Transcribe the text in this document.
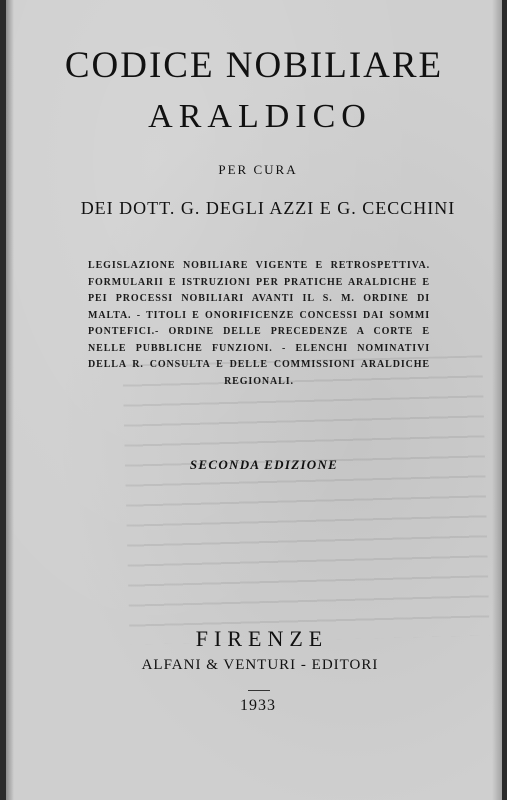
CODICE NOBILIARE
ARALDICO
PER CURA
DEI DOTT. G. DEGLI AZZI E G. CECCHINI
LEGISLAZIONE NOBILIARE VIGENTE E RETROSPETTIVA. FORMULARII E ISTRUZIONI PER PRATICHE ARALDICHE E PEI PROCESSI NOBILIARI AVANTI IL S. M. ORDINE DI MALTA. - TITOLI E ONORIFICENZE CONCESSI DAI SOMMI PONTEFICI.- ORDINE DELLE PRECEDENZE A CORTE E NELLE PUBBLICHE FUNZIONI. - ELENCHI NOMINATIVI DELLA R. CONSULTA E DELLE COMMISSIONI ARALDICHE REGIONALI.
SECONDA EDIZIONE
FIRENZE
ALFANI & VENTURI - EDITORI
1933
